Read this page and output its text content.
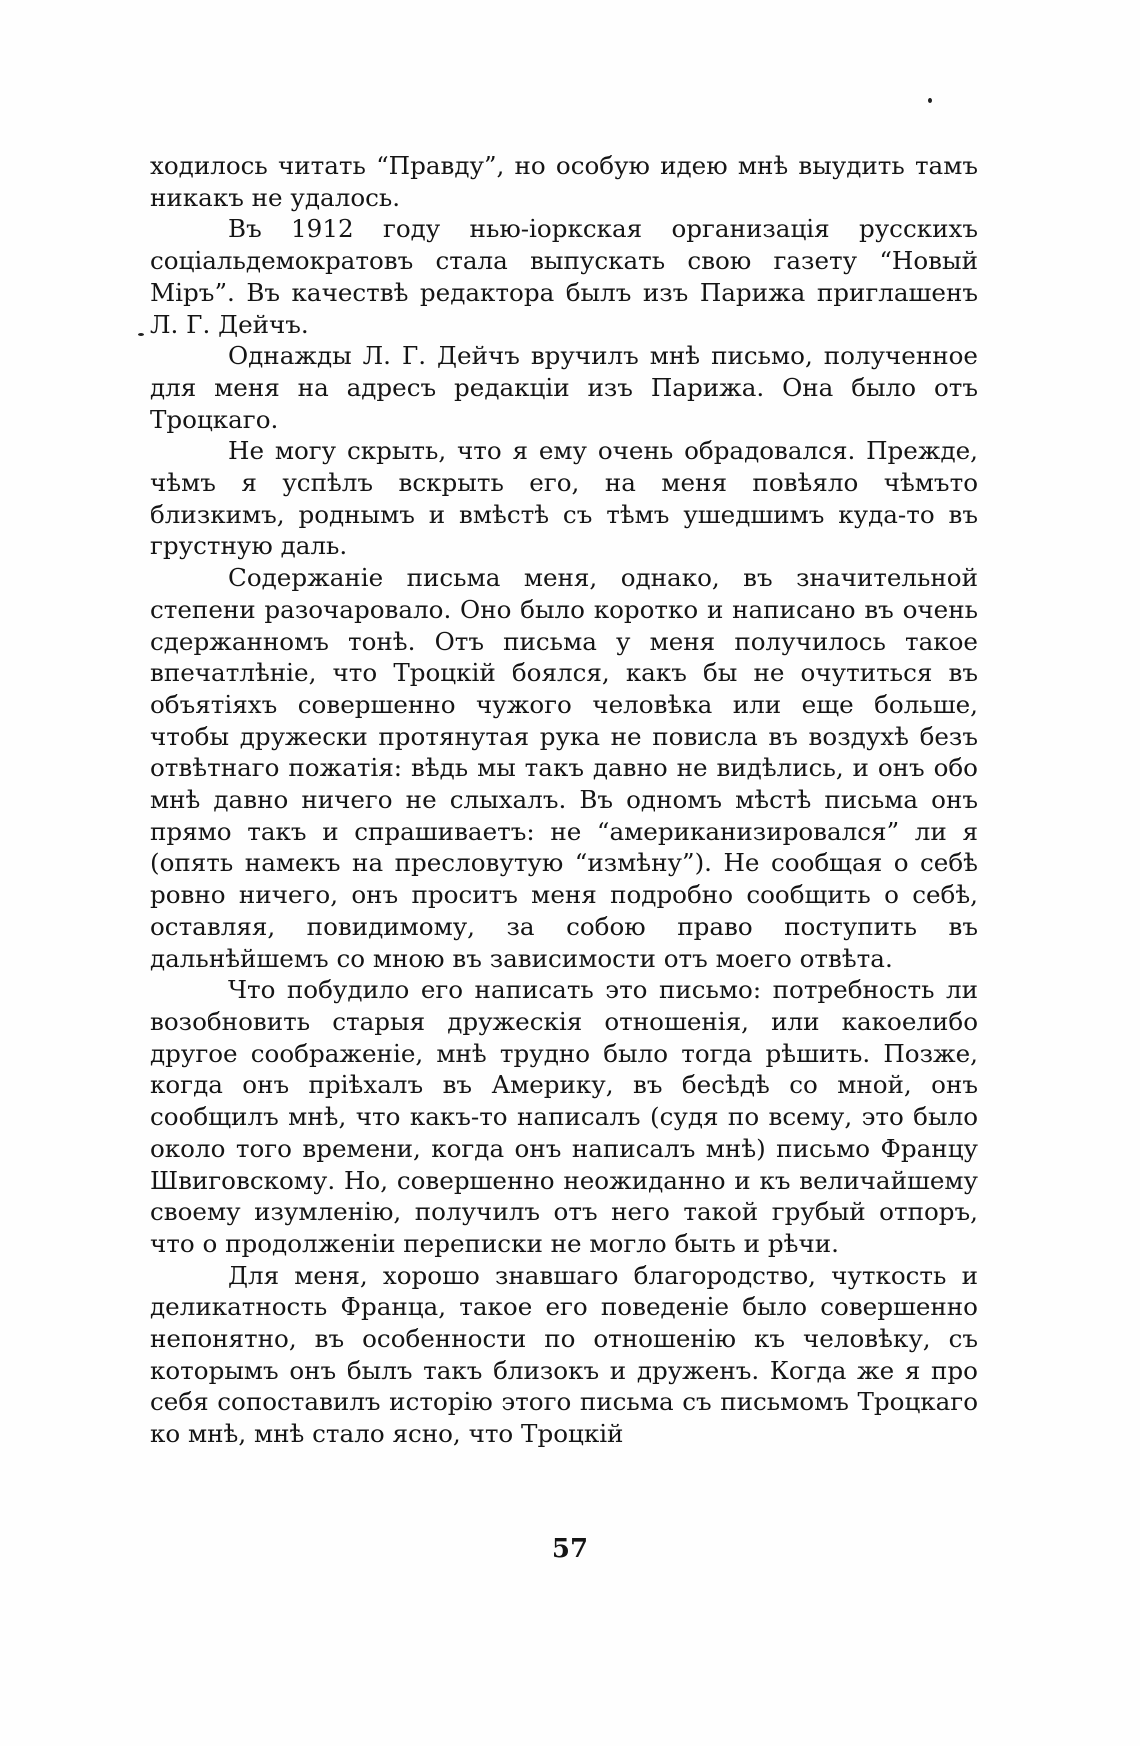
ходилось читать “Правду”, но особую идею мнѣ выудить тамъ никакъ не удалось.

Въ 1912 году нью-іоркская организація русскихъ соціальдемократовъ стала выпускать свою газету “Новый Міръ”. Въ качествѣ редактора былъ изъ Парижа приглашенъ Л. Г. Дейчъ.

Однажды Л. Г. Дейчъ вручилъ мнѣ письмо, полученное для меня на адресъ редакціи изъ Парижа. Она было отъ Троцкаго.

Не могу скрыть, что я ему очень обрадовался. Прежде, чѣмъ я успѣлъ вскрыть его, на меня повѣяло чѣмъто близкимъ, роднымъ и вмѣстѣ съ тѣмъ ушедшимъ куда-то въ грустную даль.

Содержаніе письма меня, однако, въ значительной степени разочаровало. Оно было коротко и написано въ очень сдержанномъ тонѣ. Отъ письма у меня получилось такое впечатлѣніе, что Троцкій боялся, какъ бы не очутиться въ объятіяхъ совершенно чужого человѣка или еще больше, чтобы дружески протянутая рука не повисла въ воздухѣ безъ отвѣтнаго пожатія: вѣдь мы такъ давно не видѣлись, и онъ обо мнѣ давно ничего не слыхалъ. Въ одномъ мѣстѣ письма онъ прямо такъ и спрашиваетъ: не “американизировался” ли я (опять намекъ на пресловутую “измѣну”). Не сообщая о себѣ ровно ничего, онъ проситъ меня подробно сообщить о себѣ, оставляя, повидимому, за собою право поступить въ дальнѣйшемъ со мною въ зависимости отъ моего отвѣта.

Что побудило его написать это письмо: потребность ли возобновить старыя дружескія отношенія, или какоелибо другое соображеніе, мнѣ трудно было тогда рѣшить. Позже, когда онъ пріѣхалъ въ Америку, въ бесѣдѣ со мной, онъ сообщилъ мнѣ, что какъ-то написалъ (судя по всему, это было около того времени, когда онъ написалъ мнѣ) письмо Францу Швиговскому. Но, совершенно неожиданно и къ величайшему своему изумленію, получилъ отъ него такой грубый отпоръ, что о продолженіи переписки не могло быть и рѣчи.

Для меня, хорошо знавшаго благородство, чуткость и деликатность Франца, такое его поведеніе было совершенно непонятно, въ особенности по отношенію къ человѣку, съ которымъ онъ былъ такъ близокъ и друженъ. Когда же я про себя сопоставилъ исторію этого письма съ письмомъ Троцкаго ко мнѣ, мнѣ стало ясно, что Троцкій

57
